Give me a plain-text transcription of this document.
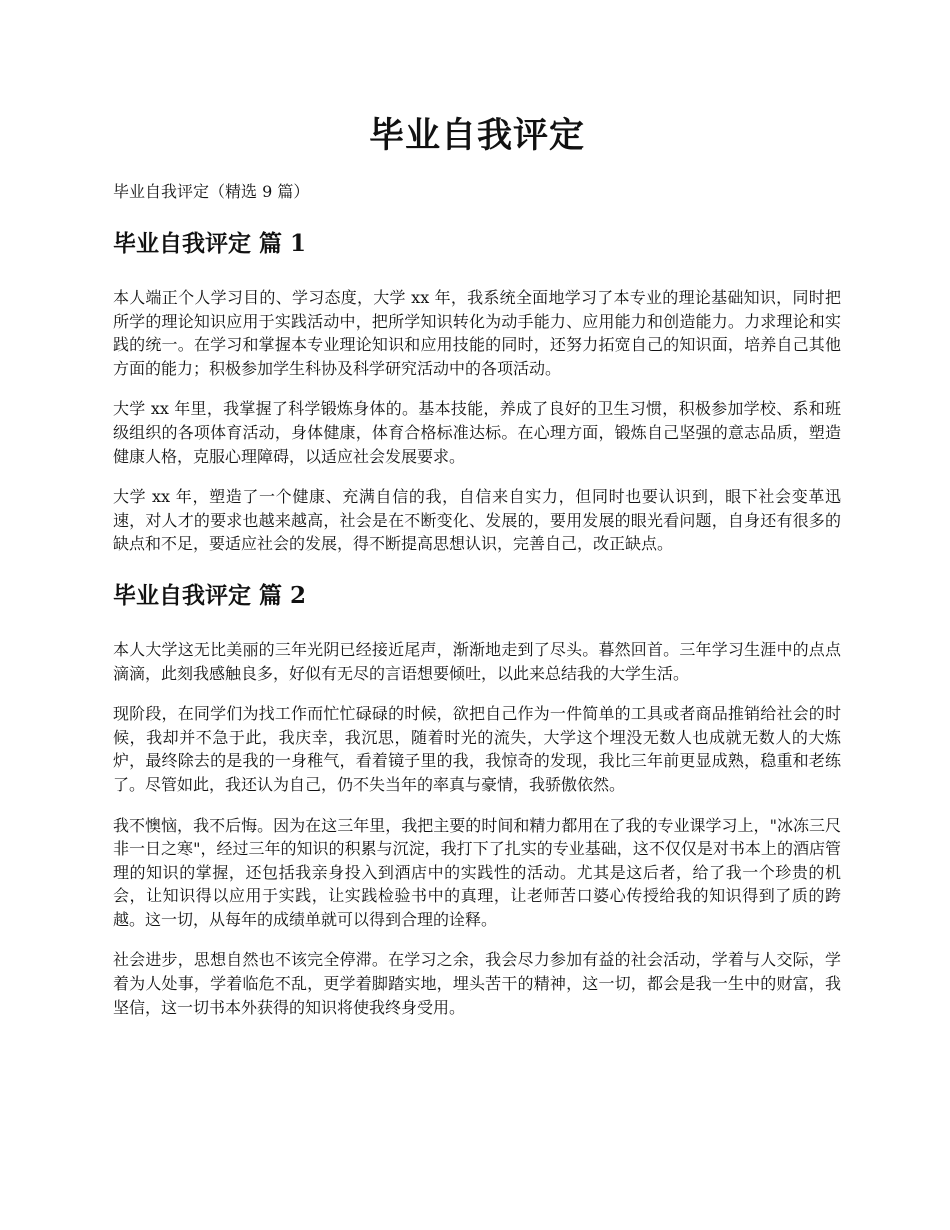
毕业自我评定

毕业自我评定（精选 9 篇）

毕业自我评定 篇 1

本人端正个人学习目的、学习态度，大学 xx 年，我系统全面地学习了本专业的理论基础知识，同时把所学的理论知识应用于实践活动中，把所学知识转化为动手能力、应用能力和创造能力。力求理论和实践的统一。在学习和掌握本专业理论知识和应用技能的同时，还努力拓宽自己的知识面，培养自己其他方面的能力；积极参加学生科协及科学研究活动中的各项活动。

大学 xx 年里，我掌握了科学锻炼身体的。基本技能，养成了良好的卫生习惯，积极参加学校、系和班级组织的各项体育活动，身体健康，体育合格标准达标。在心理方面，锻炼自己坚强的意志品质，塑造健康人格，克服心理障碍，以适应社会发展要求。

大学 xx 年，塑造了一个健康、充满自信的我，自信来自实力，但同时也要认识到，眼下社会变革迅速，对人才的要求也越来越高，社会是在不断变化、发展的，要用发展的眼光看问题，自身还有很多的缺点和不足，要适应社会的发展，得不断提高思想认识，完善自己，改正缺点。

毕业自我评定 篇 2

本人大学这无比美丽的三年光阴已经接近尾声，渐渐地走到了尽头。暮然回首。三年学习生涯中的点点滴滴，此刻我感触良多，好似有无尽的言语想要倾吐，以此来总结我的大学生活。

现阶段，在同学们为找工作而忙忙碌碌的时候，欲把自己作为一件简单的工具或者商品推销给社会的时候，我却并不急于此，我庆幸，我沉思，随着时光的流失，大学这个埋没无数人也成就无数人的大炼炉，最终除去的是我的一身稚气，看着镜子里的我，我惊奇的发现，我比三年前更显成熟，稳重和老练了。尽管如此，我还认为自己，仍不失当年的率真与豪情，我骄傲依然。

我不懊恼，我不后悔。因为在这三年里，我把主要的时间和精力都用在了我的专业课学习上，"冰冻三尺非一日之寒"，经过三年的知识的积累与沉淀，我打下了扎实的专业基础，这不仅仅是对书本上的酒店管理的知识的掌握，还包括我亲身投入到酒店中的实践性的活动。尤其是这后者，给了我一个珍贵的机会，让知识得以应用于实践，让实践检验书中的真理，让老师苦口婆心传授给我的知识得到了质的跨越。这一切，从每年的成绩单就可以得到合理的诠释。

社会进步，思想自然也不该完全停滞。在学习之余，我会尽力参加有益的社会活动，学着与人交际，学着为人处事，学着临危不乱，更学着脚踏实地，埋头苦干的精神，这一切，都会是我一生中的财富，我坚信，这一切书本外获得的知识将使我终身受用。
